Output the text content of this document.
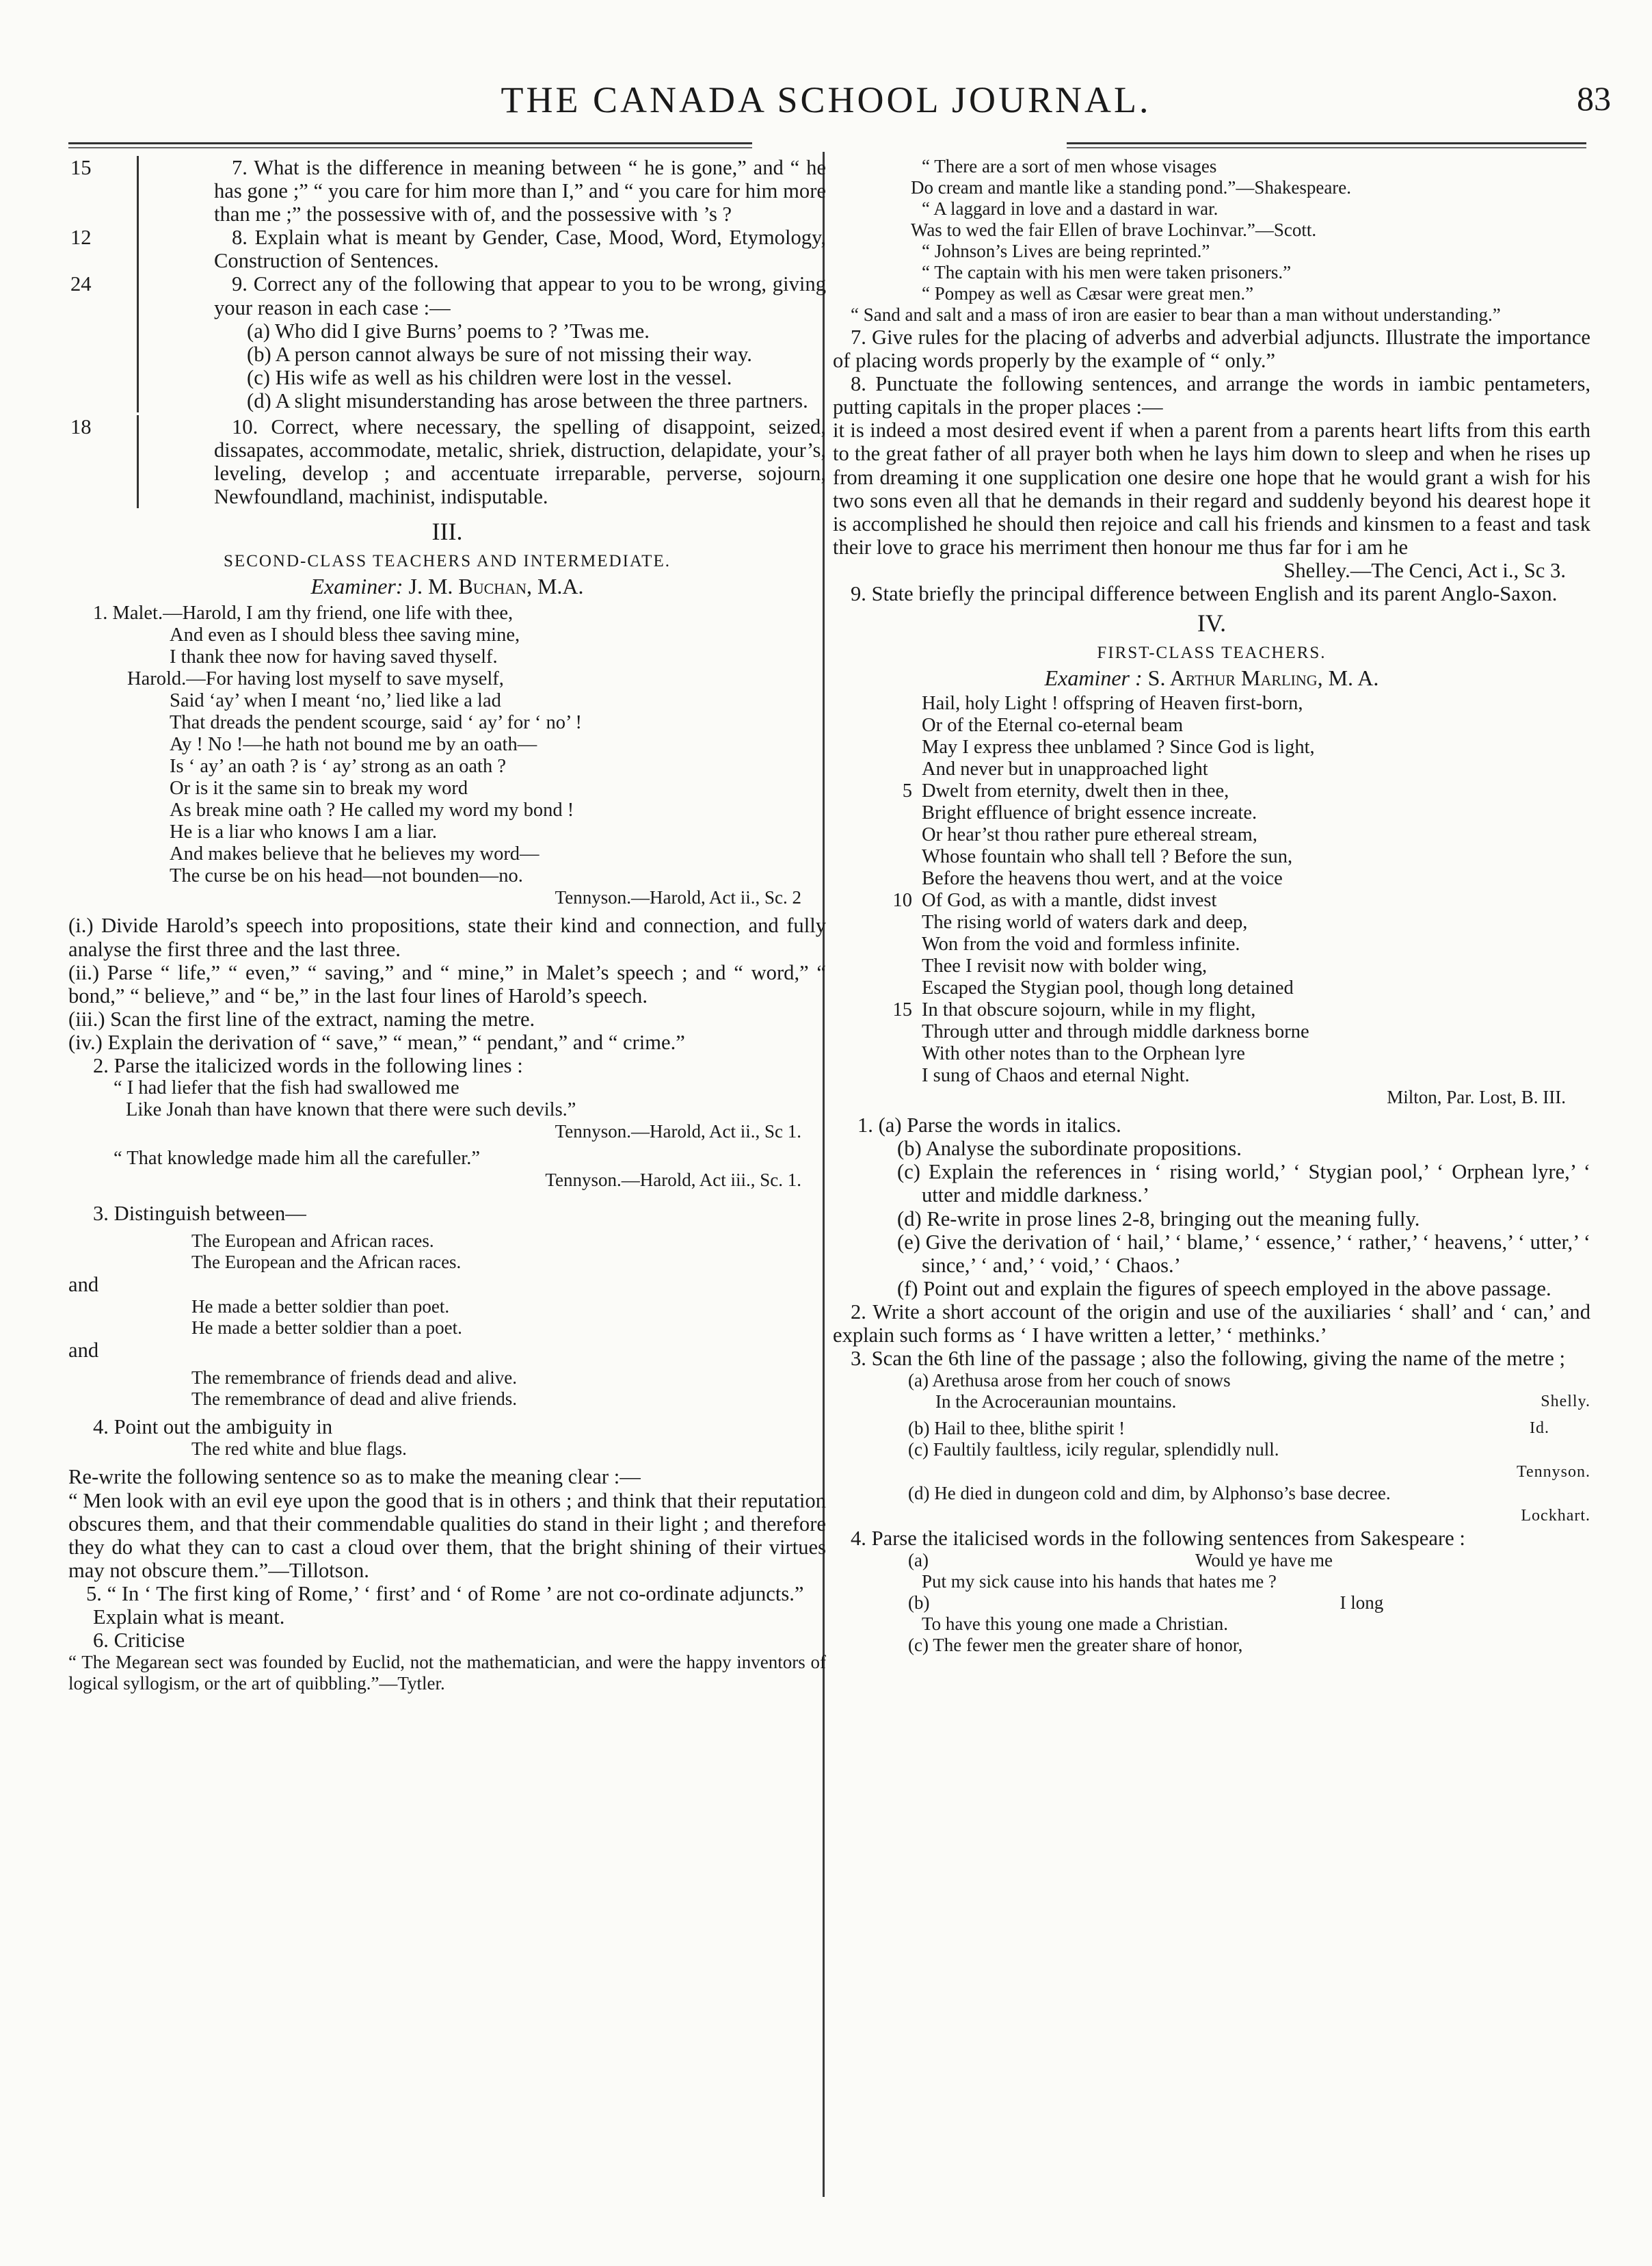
THE CANADA SCHOOL JOURNAL.	83
15	7. What is the difference in meaning between “ he is gone,” and “ he has gone ;” “ you care for him more than I,” and “ you care for him more than me ;” the possessive with of, and the possessive with ’s ?
12	8. Explain what is meant by Gender, Case, Mood, Word, Etymology, Construction of Sentences.
24	9. Correct any of the following that appear to you to be wrong, giving your reason in each case :—
(a) Who did I give Burns’ poems to ? ’Twas me.
(b) A person cannot always be sure of not missing their way.
(c) His wife as well as his children were lost in the vessel.
(d) A slight misunderstanding has arose between the three partners.
18	10. Correct, where necessary, the spelling of disappoint, seized, dissapates, accommodate, metalic, shriek, distruction, delapidate, your’s, leveling, develop ; and accentuate irreparable, perverse, sojourn, Newfoundland, machinist, indisputable.
III.
SECOND-CLASS TEACHERS AND INTERMEDIATE.
Examiner: J. M. Buchan, M.A.
1. Malet.—Harold, I am thy friend, one life with thee,
And even as I should bless thee saving mine,
I thank thee now for having saved thyself.
Harold.—For having lost myself to save myself,
Said ‘ay’ when I meant ‘no,’ lied like a lad
That dreads the pendent scourge, said ‘ ay’ for ‘ no’ !
Ay ! No !—he hath not bound me by an oath—
Is ‘ ay’ an oath ? is ‘ ay’ strong as an oath ?
Or is it the same sin to break my word
As break mine oath ? He called my word my bond !
He is a liar who knows I am a liar.
And makes believe that he believes my word—
The curse be on his head—not bounden—no.
Tennyson.—Harold, Act ii., Sc. 2
(i.) Divide Harold’s speech into propositions, state their kind and connection, and fully analyse the first three and the last three.
(ii.) Parse “ life,” “ even,” “ saving,” and “ mine,” in Malet’s speech ; and “ word,” “ bond,” “ believe,” and “ be,” in the last four lines of Harold’s speech.
(iii.) Scan the first line of the extract, naming the metre.
(iv.) Explain the derivation of “ save,” “ mean,” “ pendant,” and “ crime.”
2. Parse the italicized words in the following lines :
“ I had liefer that the fish had swallowed me
Like Jonah than have known that there were such devils.”
Tennyson.—Harold, Act ii., Sc 1.
“ That knowledge made him all the carefuller.”
Tennyson.—Harold, Act iii., Sc. 1.
3. Distinguish between—
The European and African races.
The European and the African races.
and
He made a better soldier than poet.
He made a better soldier than a poet.
and
The remembrance of friends dead and alive.
The remembrance of dead and alive friends.
4. Point out the ambiguity in
The red white and blue flags.
Re-write the following sentence so as to make the meaning clear :—
“ Men look with an evil eye upon the good that is in others ; and think that their reputation obscures them, and that their commendable qualities do stand in their light ; and therefore they do what they can to cast a cloud over them, that the bright shining of their virtues may not obscure them.”—Tillotson.
5. “ In ‘ The first king of Rome,’ ‘ first’ and ‘ of Rome ’ are not co-ordinate adjuncts.”
Explain what is meant.
6. Criticise
“ The Megarean sect was founded by Euclid, not the mathematician, and were the happy inventors of logical syllogism, or the art of quibbling.”—Tytler.
“ There are a sort of men whose visages
Do cream and mantle like a standing pond.”—Shakespeare.
“ A laggard in love and a dastard in war.
Was to wed the fair Ellen of brave Lochinvar.”—Scott.
“ Johnson’s Lives are being reprinted.”
“ The captain with his men were taken prisoners.”
“ Pompey as well as Cæsar were great men.”
“ Sand and salt and a mass of iron are easier to bear than a man without understanding.”
7. Give rules for the placing of adverbs and adverbial adjuncts. Illustrate the importance of placing words properly by the example of “ only.”
8. Punctuate the following sentences, and arrange the words in iambic pentameters, putting capitals in the proper places :—
it is indeed a most desired event if when a parent from a parents heart lifts from this earth to the great father of all prayer both when he lays him down to sleep and when he rises up from dreaming it one supplication one desire one hope that he would grant a wish for his two sons even all that he demands in their regard and suddenly beyond his dearest hope it is accomplished he should then rejoice and call his friends and kinsmen to a feast and task their love to grace his merriment then honour me thus far for i am he
Shelley.—The Cenci, Act i., Sc 3.
9. State briefly the principal difference between English and its parent Anglo-Saxon.
IV.
FIRST-CLASS TEACHERS.
Examiner : S. Arthur Marling, M. A.
Hail, holy Light ! offspring of Heaven first-born,
Or of the Eternal co-eternal beam
May I express thee unblamed ? Since God is light,
And never but in unapproached light
5 Dwelt from eternity, dwelt then in thee,
Bright effluence of bright essence increate.
Or hear’st thou rather pure ethereal stream,
Whose fountain who shall tell ? Before the sun,
Before the heavens thou wert, and at the voice
10 Of God, as with a mantle, didst invest
The rising world of waters dark and deep,
Won from the void and formless infinite.
Thee I revisit now with bolder wing,
Escaped the Stygian pool, though long detained
15 In that obscure sojourn, while in my flight,
Through utter and through middle darkness borne
With other notes than to the Orphean lyre
I sung of Chaos and eternal Night.
Milton, Par. Lost, B. III.
1. (a) Parse the words in italics.
(b) Analyse the subordinate propositions.
(c) Explain the references in ‘ rising world,’ ‘ Stygian pool,’ ‘ Orphean lyre,’ ‘ utter and middle darkness.’
(d) Re-write in prose lines 2-8, bringing out the meaning fully.
(e) Give the derivation of ‘ hail,’ ‘ blame,’ ‘ essence,’ ‘ rather,’ ‘ heavens,’ ‘ utter,’ ‘ since,’ ‘ and,’ ‘ void,’ ‘ Chaos.’
(f) Point out and explain the figures of speech employed in the above passage.
2. Write a short account of the origin and use of the auxiliaries ‘ shall’ and ‘ can,’ and explain such forms as ‘ I have written a letter,’ ‘ methinks.’
3. Scan the 6th line of the passage ; also the following, giving the name of the metre ;
(a) Arethusa arose from her couch of snows
In the Acroceraunian mountains.	Shelly.
(b) Hail to thee, blithe spirit !	Id.
(c) Faultily faultless, icily regular, splendidly null.
Tennyson.
(d) He died in dungeon cold and dim, by Alphonso’s base decree.
Lockhart.
4. Parse the italicised words in the following sentences from Sakespeare :
(a)	Would ye have me
Put my sick cause into his hands that hates me ?
(b)	I long
To have this young one made a Christian.
(c) The fewer men the greater share of honor,
